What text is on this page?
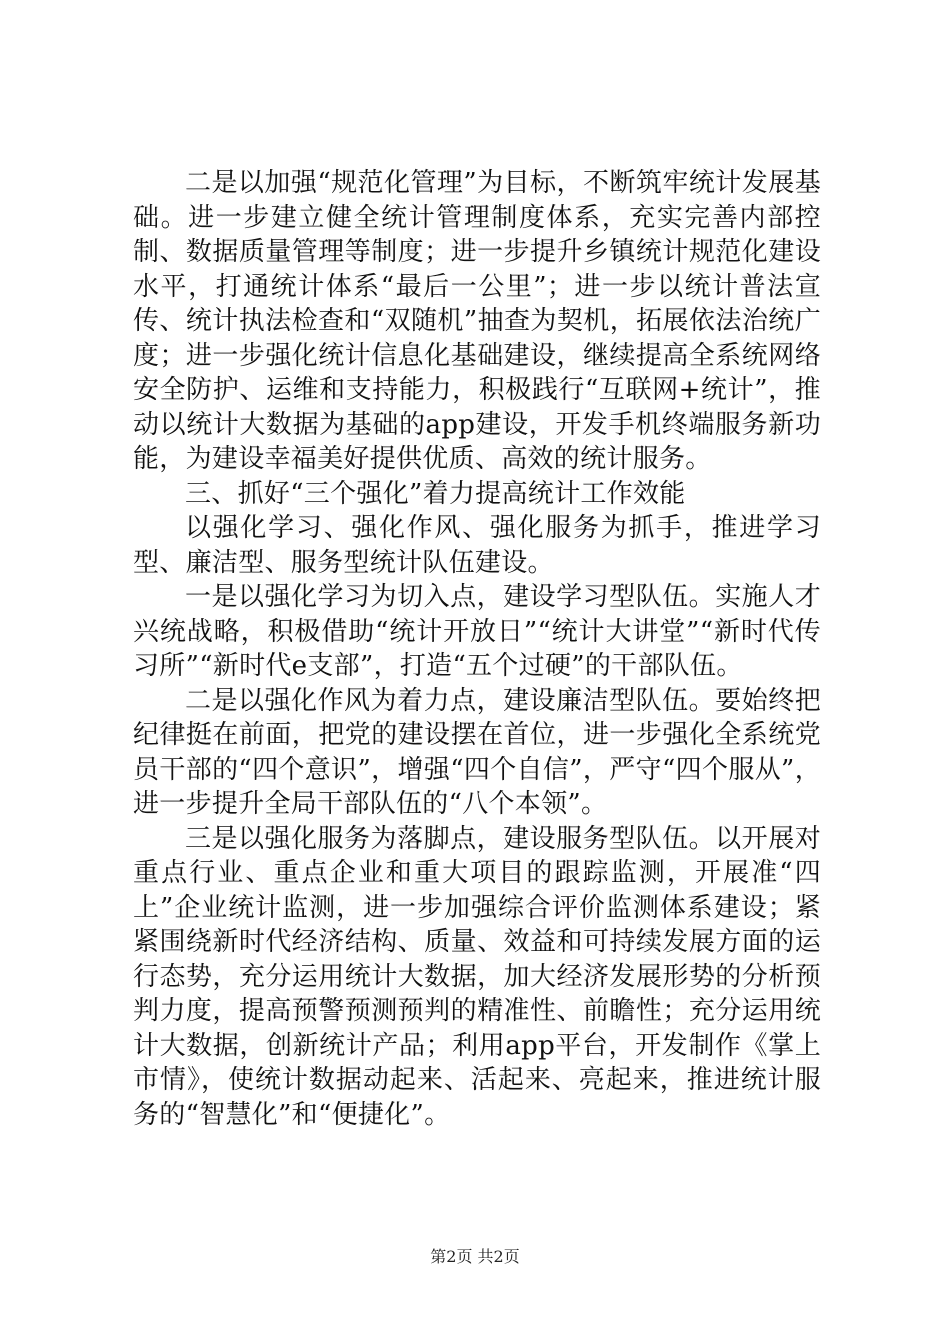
二是以加强“规范化管理”为目标，不断筑牢统计发展基础。进一步建立健全统计管理制度体系，充实完善内部控制、数据质量管理等制度；进一步提升乡镇统计规范化建设水平，打通统计体系“最后一公里”；进一步以统计普法宣传、统计执法检查和“双随机”抽查为契机，拓展依法治统广度；进一步强化统计信息化基础建设，继续提高全系统网络安全防护、运维和支持能力，积极践行“互联网+统计”，推动以统计大数据为基础的app建设，开发手机终端服务新功能，为建设幸福美好提供优质、高效的统计服务。

三、抓好“三个强化”着力提高统计工作效能

以强化学习、强化作风、强化服务为抓手，推进学习型、廉洁型、服务型统计队伍建设。

一是以强化学习为切入点，建设学习型队伍。实施人才兴统战略，积极借助“统计开放日”“统计大讲堂”“新时代传习所”“新时代e支部”，打造“五个过硬”的干部队伍。

二是以强化作风为着力点，建设廉洁型队伍。要始终把纪律挺在前面，把党的建设摆在首位，进一步强化全系统党员干部的“四个意识”，增强“四个自信”，严守“四个服从”，进一步提升全局干部队伍的“八个本领”。

三是以强化服务为落脚点，建设服务型队伍。以开展对重点行业、重点企业和重大项目的跟踪监测，开展准“四上”企业统计监测，进一步加强综合评价监测体系建设；紧紧围绕新时代经济结构、质量、效益和可持续发展方面的运行态势，充分运用统计大数据，加大经济发展形势的分析预判力度，提高预警预测预判的精准性、前瞻性；充分运用统计大数据，创新统计产品；利用app平台，开发制作《掌上市情》，使统计数据动起来、活起来、亮起来，推进统计服务的“智慧化”和“便捷化”。

第2页 共2页
